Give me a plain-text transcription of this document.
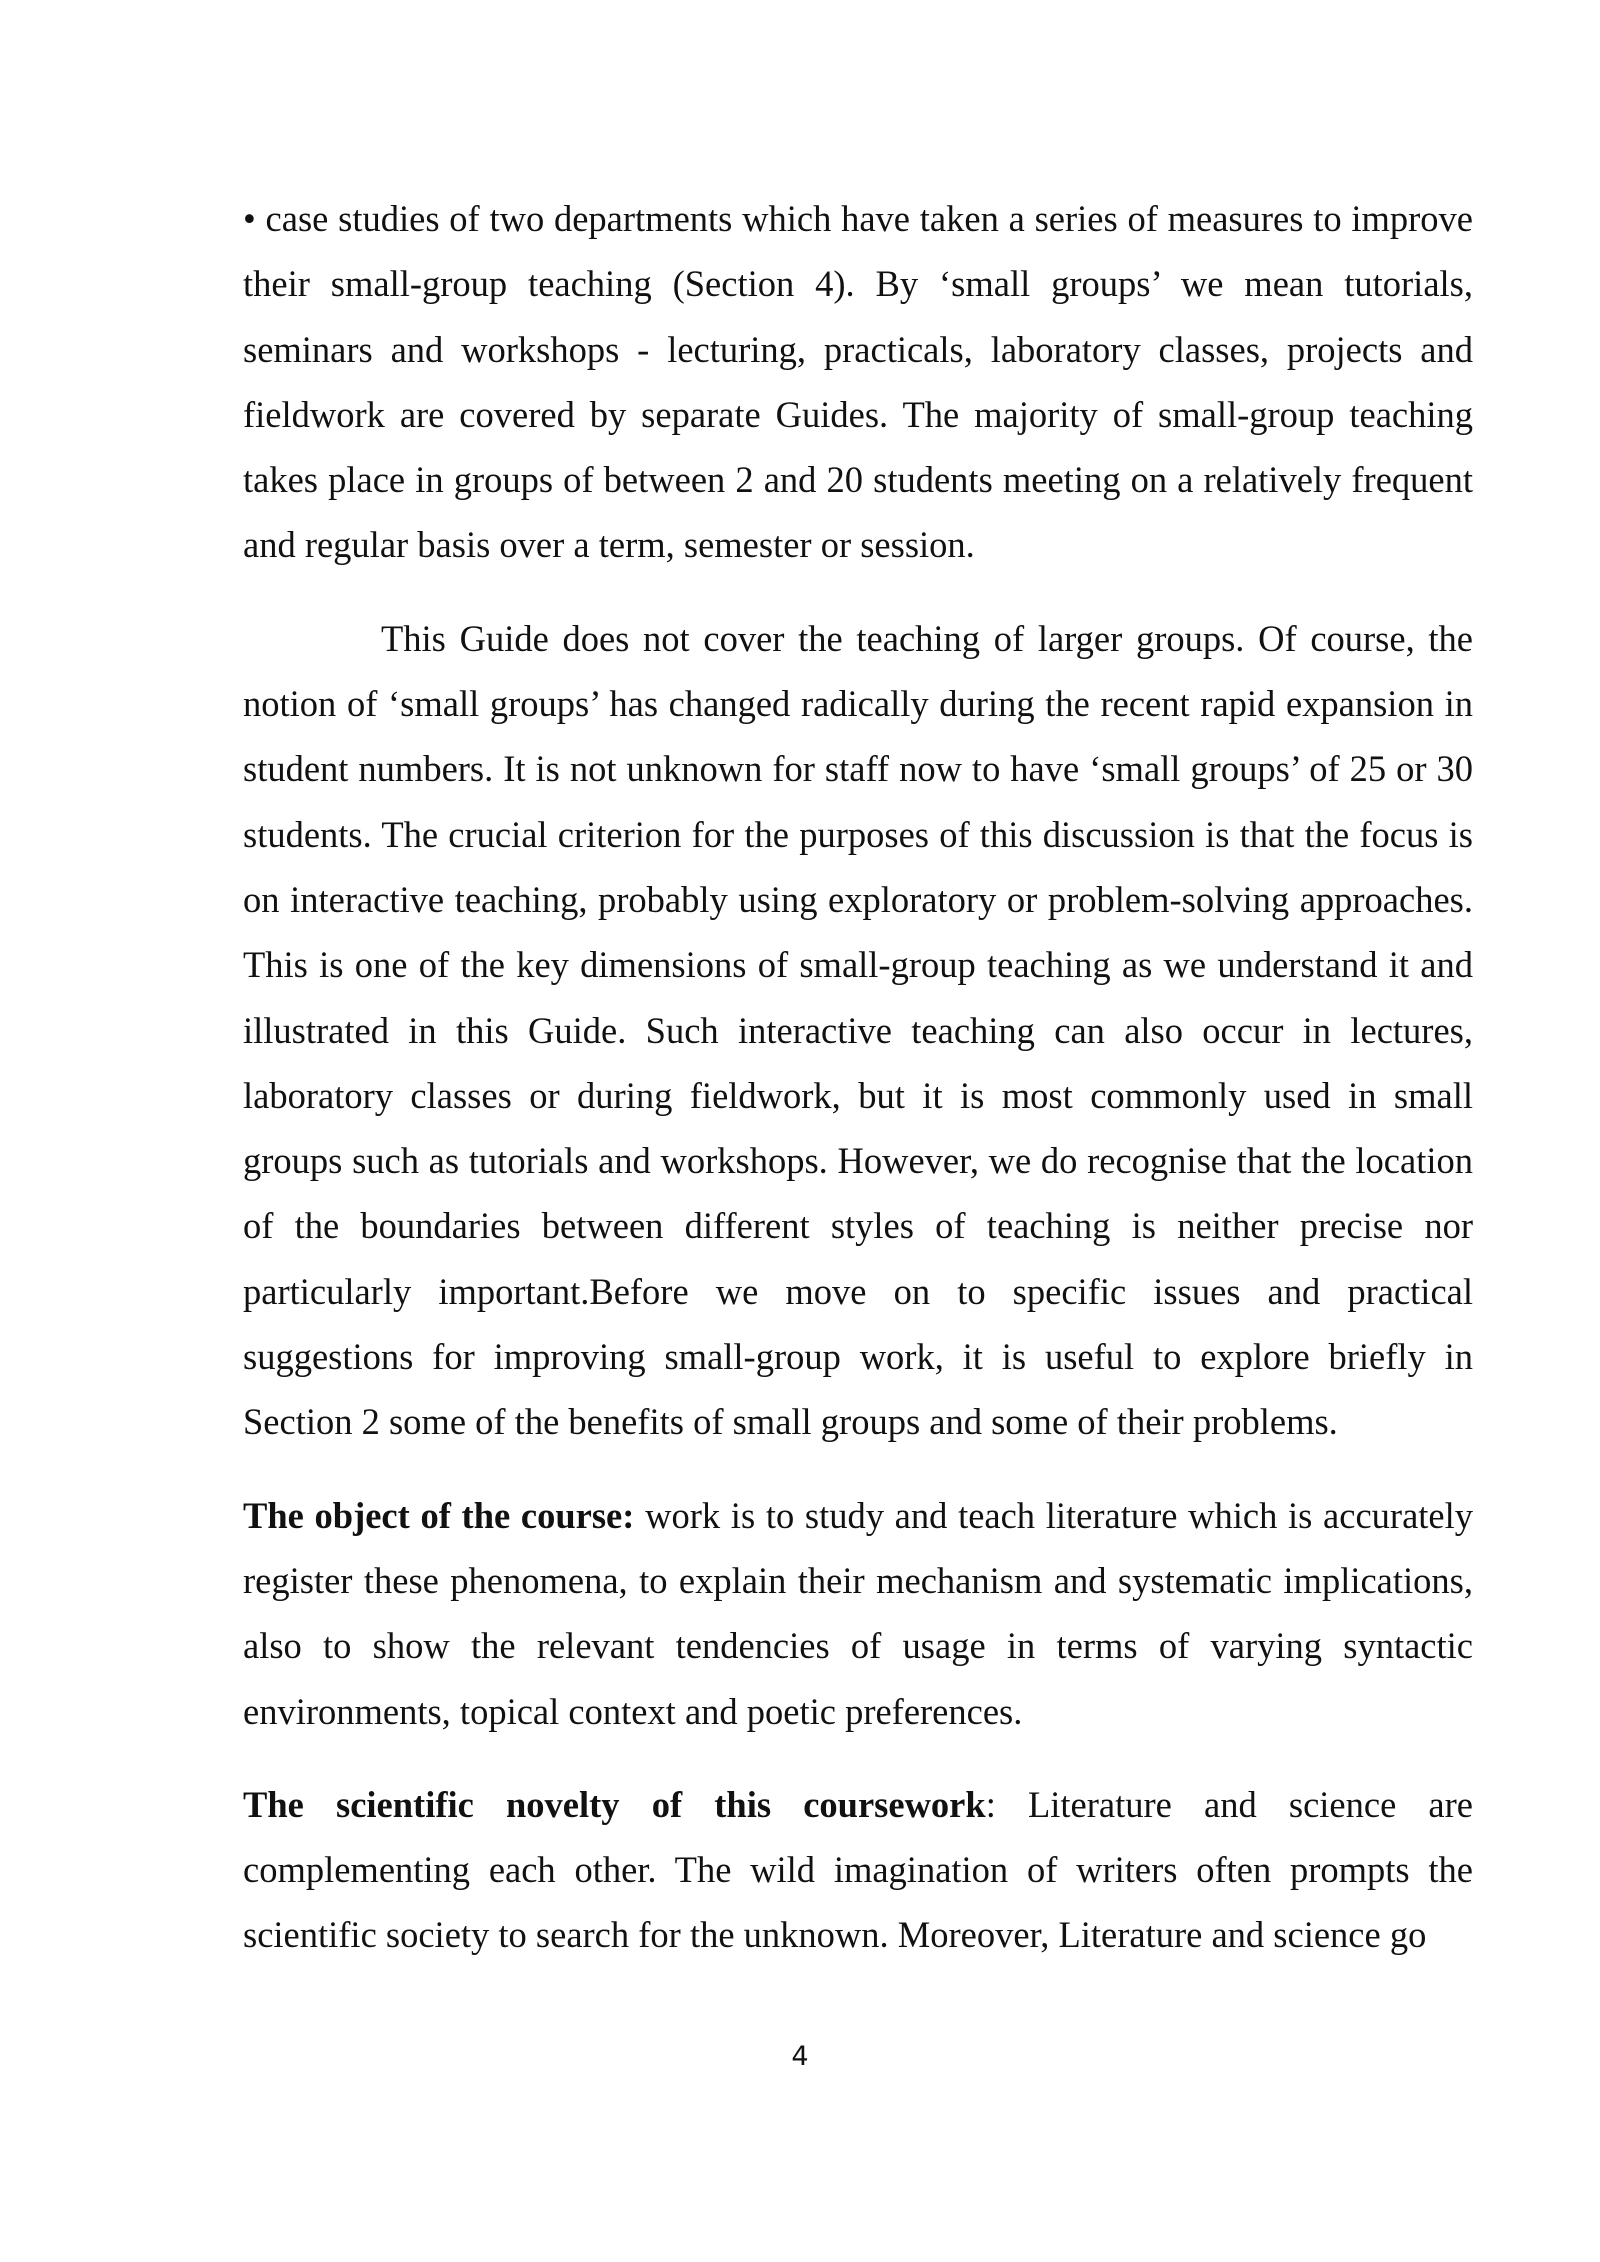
• case studies of two departments which have taken a series of measures to improve their small-group teaching (Section 4). By ‘small groups’ we mean tutorials, seminars and workshops - lecturing, practicals, laboratory classes, projects and fieldwork are covered by separate Guides. The majority of small-group teaching takes place in groups of between 2 and 20 students meeting on a relatively frequent and regular basis over a term, semester or session.

This Guide does not cover the teaching of larger groups. Of course, the notion of ‘small groups’ has changed radically during the recent rapid expansion in student numbers. It is not unknown for staff now to have ‘small groups’ of 25 or 30 students. The crucial criterion for the purposes of this discussion is that the focus is on interactive teaching, probably using exploratory or problem-solving approaches. This is one of the key dimensions of small-group teaching as we understand it and illustrated in this Guide. Such interactive teaching can also occur in lectures, laboratory classes or during fieldwork, but it is most commonly used in small groups such as tutorials and workshops. However, we do recognise that the location of the boundaries between different styles of teaching is neither precise nor particularly important.Before we move on to specific issues and practical suggestions for improving small-group work, it is useful to explore briefly in Section 2 some of the benefits of small groups and some of their problems.

The object of the course: work is to study and teach literature which is accurately register these phenomena, to explain their mechanism and systematic implications, also to show the relevant tendencies of usage in terms of varying syntactic environments, topical context and poetic preferences.

The scientific novelty of this coursework: Literature and science are complementing each other. The wild imagination of writers often prompts the scientific society to search for the unknown. Moreover, Literature and science go

4
